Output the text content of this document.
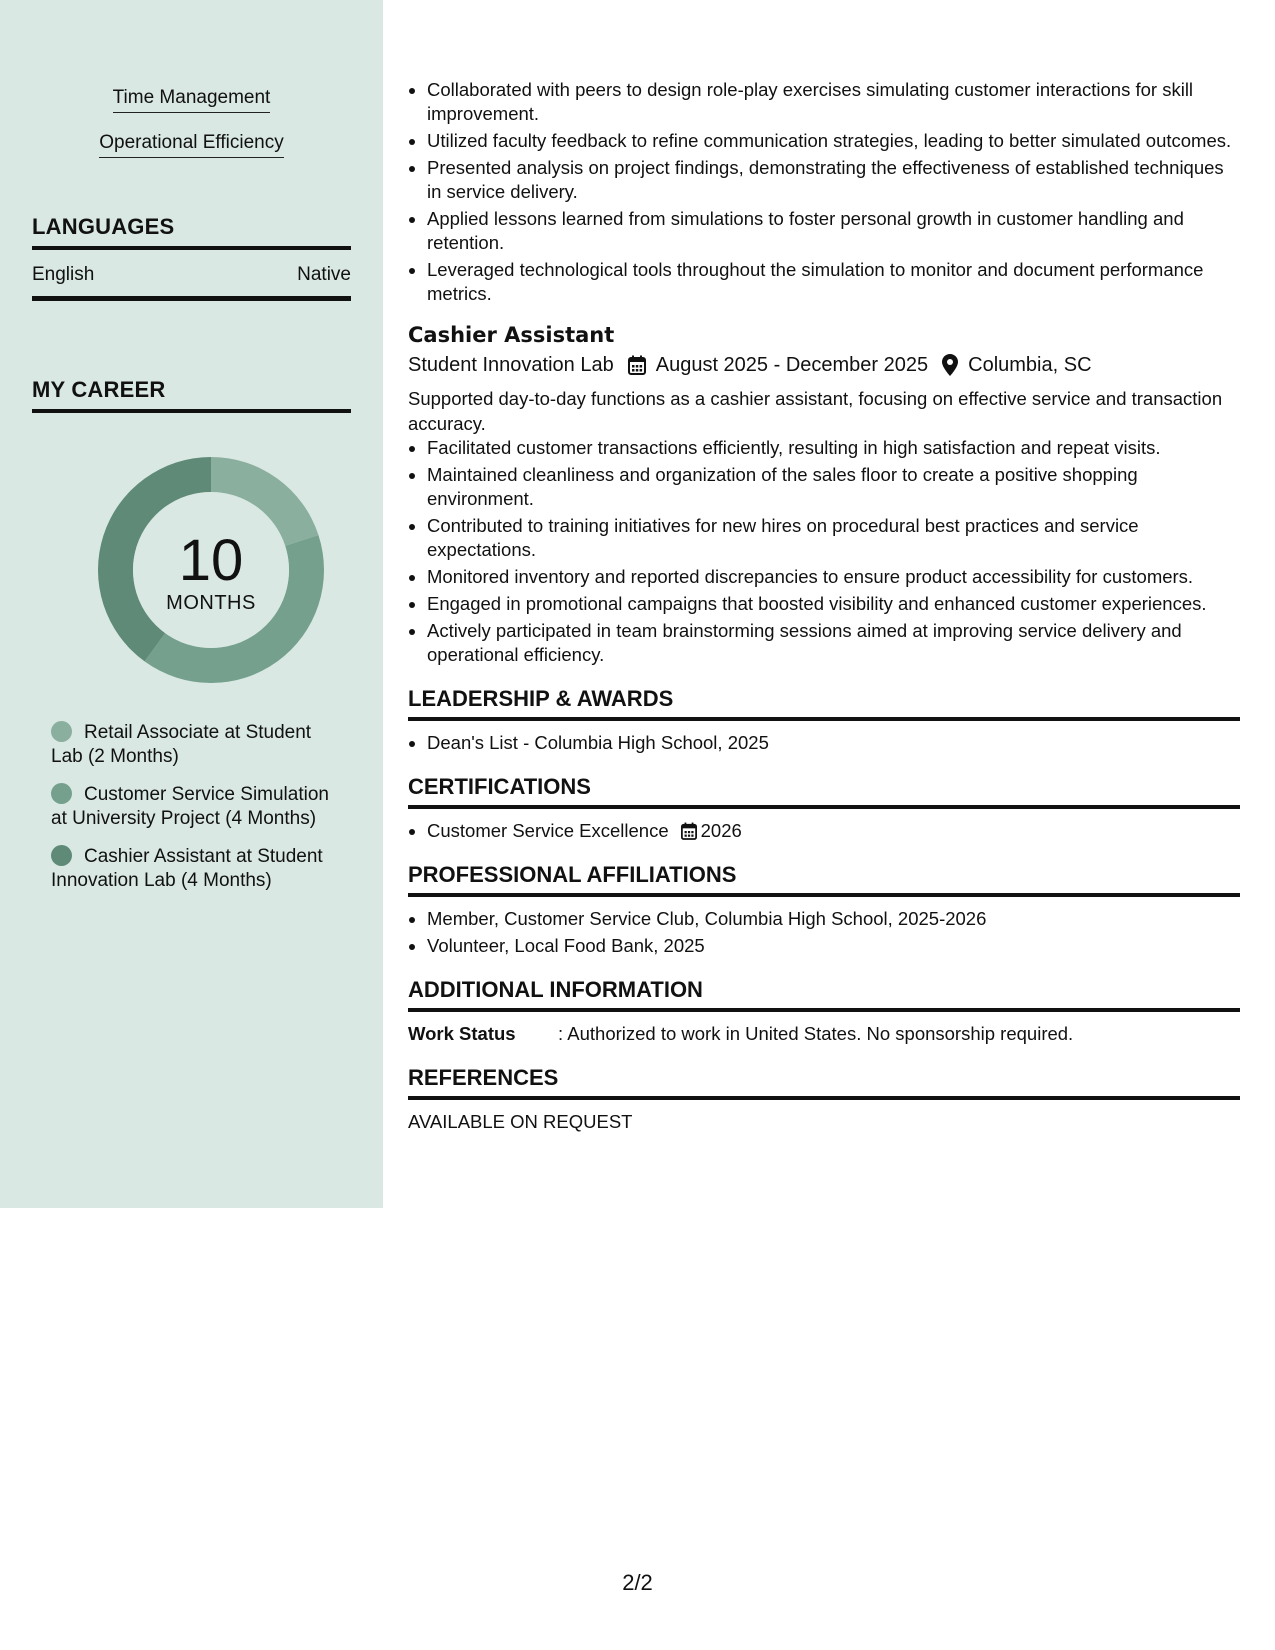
Time Management
Operational Efficiency
LANGUAGES
English	Native
MY CAREER
10
MONTHS
Retail Associate at Student Lab (2 Months)
Customer Service Simulation at University Project (4 Months)
Cashier Assistant at Student Innovation Lab (4 Months)
• Collaborated with peers to design role-play exercises simulating customer interactions for skill improvement.
• Utilized faculty feedback to refine communication strategies, leading to better simulated outcomes.
• Presented analysis on project findings, demonstrating the effectiveness of established techniques in service delivery.
• Applied lessons learned from simulations to foster personal growth in customer handling and retention.
• Leveraged technological tools throughout the simulation to monitor and document performance metrics.
Cashier Assistant
Student Innovation Lab August 2025 - December 2025 Columbia, SC
Supported day-to-day functions as a cashier assistant, focusing on effective service and transaction accuracy.
• Facilitated customer transactions efficiently, resulting in high satisfaction and repeat visits.
• Maintained cleanliness and organization of the sales floor to create a positive shopping environment.
• Contributed to training initiatives for new hires on procedural best practices and service expectations.
• Monitored inventory and reported discrepancies to ensure product accessibility for customers.
• Engaged in promotional campaigns that boosted visibility and enhanced customer experiences.
• Actively participated in team brainstorming sessions aimed at improving service delivery and operational efficiency.
LEADERSHIP & AWARDS
• Dean's List - Columbia High School, 2025
CERTIFICATIONS
• Customer Service Excellence 2026
PROFESSIONAL AFFILIATIONS
• Member, Customer Service Club, Columbia High School, 2025-2026
• Volunteer, Local Food Bank, 2025
ADDITIONAL INFORMATION
Work Status	: Authorized to work in United States. No sponsorship required.
REFERENCES
AVAILABLE ON REQUEST
2/2
